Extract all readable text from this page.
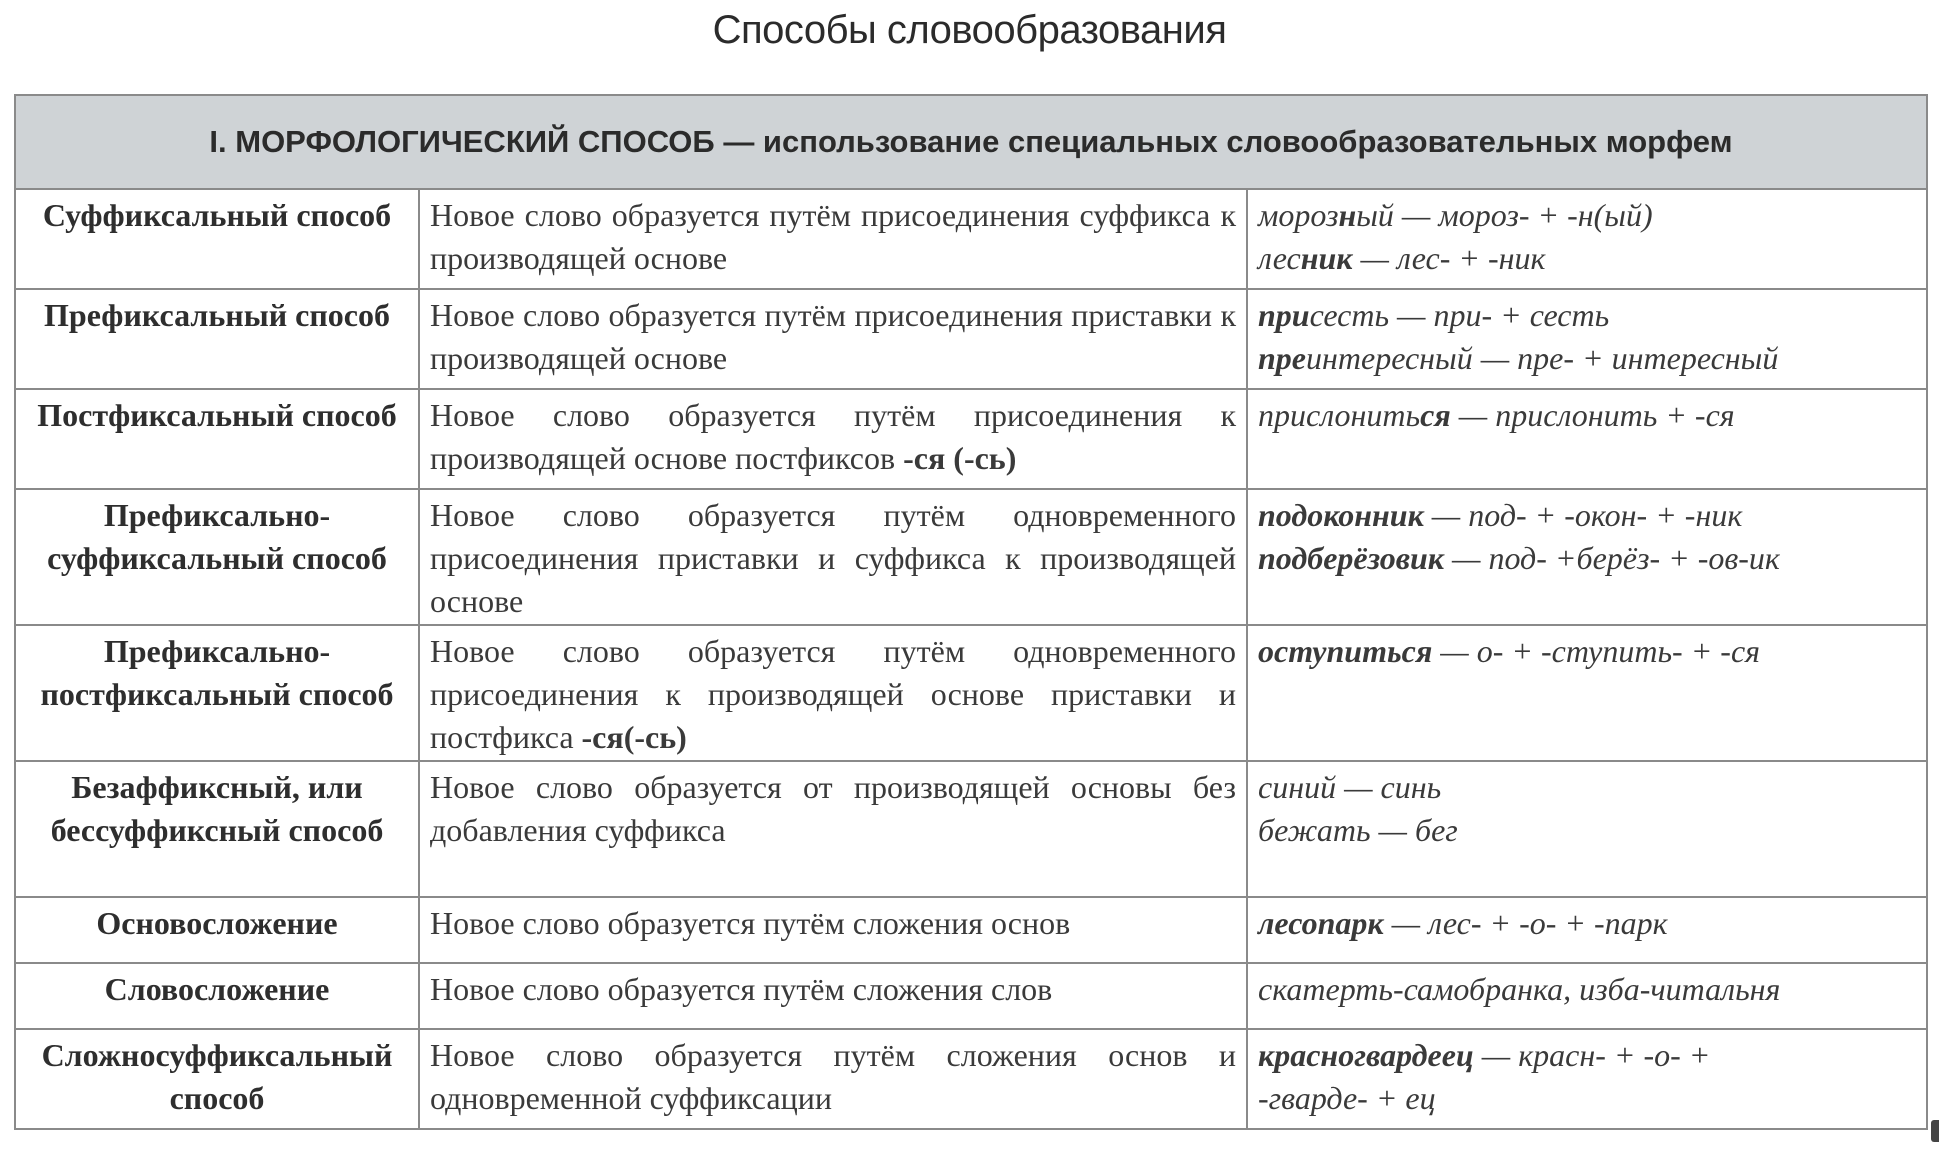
Способы словообразования
I. МОРФОЛОГИЧЕСКИЙ СПОСОБ — использование специальных словообразовательных морфем		
Суффиксальный способ	Новое слово образуется путём присоединения суффикса к производящей основе	морозный — мороз- + -н(ый)
лесник — лес- + -ник

Префиксальный способ	Новое слово образуется путём присоединения приставки к производящей основе	присесть — при- + сесть
преинтересный — пре- + интересный

Постфиксальный способ	Новое слово образуется путём присоединения к производящей основе постфиксов -ся (-сь)	прислониться — прислонить + -ся

Префиксально-суффиксальный способ	Новое слово образуется путём одновременного присоединения приставки и суффикса к производящей основе	подоконник — под- + -окон- + -ник
подберёзовик — под- +берёз- + -ов-ик

Префиксально-постфиксальный способ	Новое слово образуется путём одновременного присоединения к производящей основе приставки и постфикса -ся(-сь)	оступиться — о- + -ступить- + -ся

Безаффиксный, или бессуффиксный способ	Новое слово образуется от производящей основы без добавления суффикса	синий — синь
бежать — бег

Основосложение	Новое слово образуется путём сложения основ	лесопарк — лес- + -о- + -парк

Словосложение	Новое слово образуется путём сложения слов	скатерть-самобранка, изба-читальня

Сложносуффиксальный способ	Новое слово образуется путём сложения основ и одновременной суффиксации	красногвардеец — красн- + -о- +
-гварде- + ец
